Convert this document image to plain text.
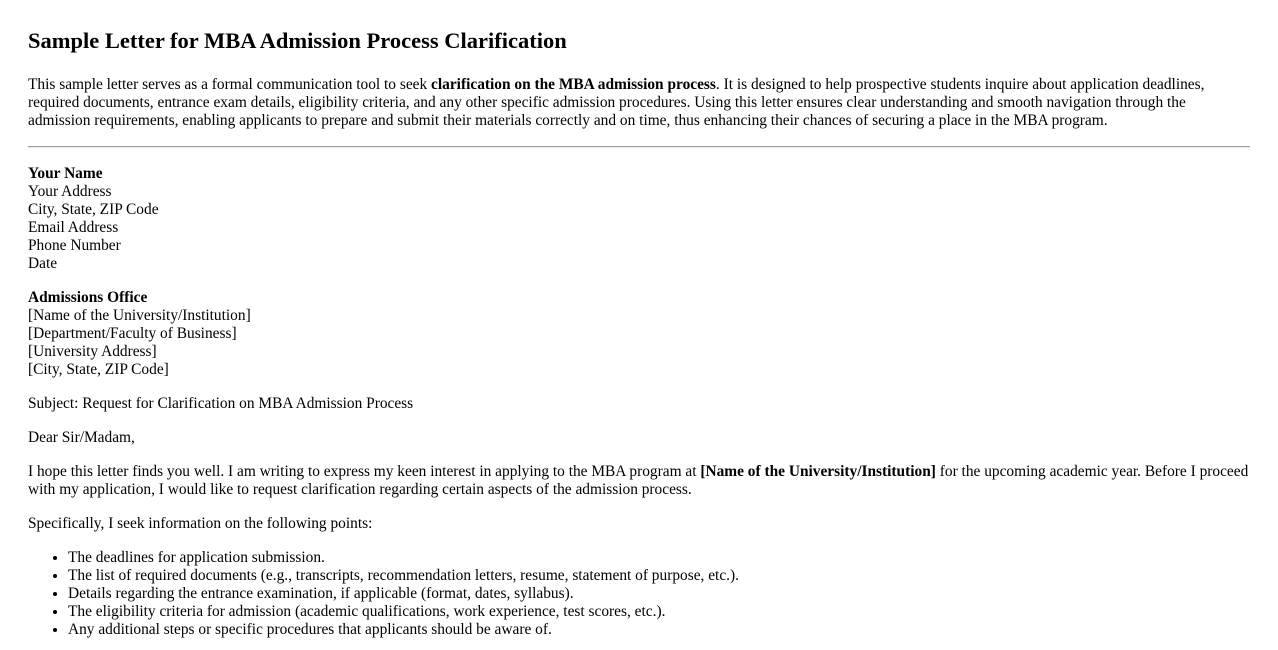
Sample Letter for MBA Admission Process Clarification

This sample letter serves as a formal communication tool to seek clarification on the MBA admission process. It is designed to help prospective students inquire about application deadlines, required documents, entrance exam details, eligibility criteria, and any other specific admission procedures. Using this letter ensures clear understanding and smooth navigation through the admission requirements, enabling applicants to prepare and submit their materials correctly and on time, thus enhancing their chances of securing a place in the MBA program.

Your Name
Your Address
City, State, ZIP Code
Email Address
Phone Number
Date
Admissions Office
[Name of the University/Institution]
[Department/Faculty of Business]
[University Address]
[City, State, ZIP Code]

Subject: Request for Clarification on MBA Admission Process

Dear Sir/Madam,

I hope this letter finds you well. I am writing to express my keen interest in applying to the MBA program at [Name of the University/Institution] for the upcoming academic year. Before I proceed with my application, I would like to request clarification regarding certain aspects of the admission process.

Specifically, I seek information on the following points:

• The deadlines for application submission.
• The list of required documents (e.g., transcripts, recommendation letters, resume, statement of purpose, etc.).
• Details regarding the entrance examination, if applicable (format, dates, syllabus).
• The eligibility criteria for admission (academic qualifications, work experience, test scores, etc.).
• Any additional steps or specific procedures that applicants should be aware of.
